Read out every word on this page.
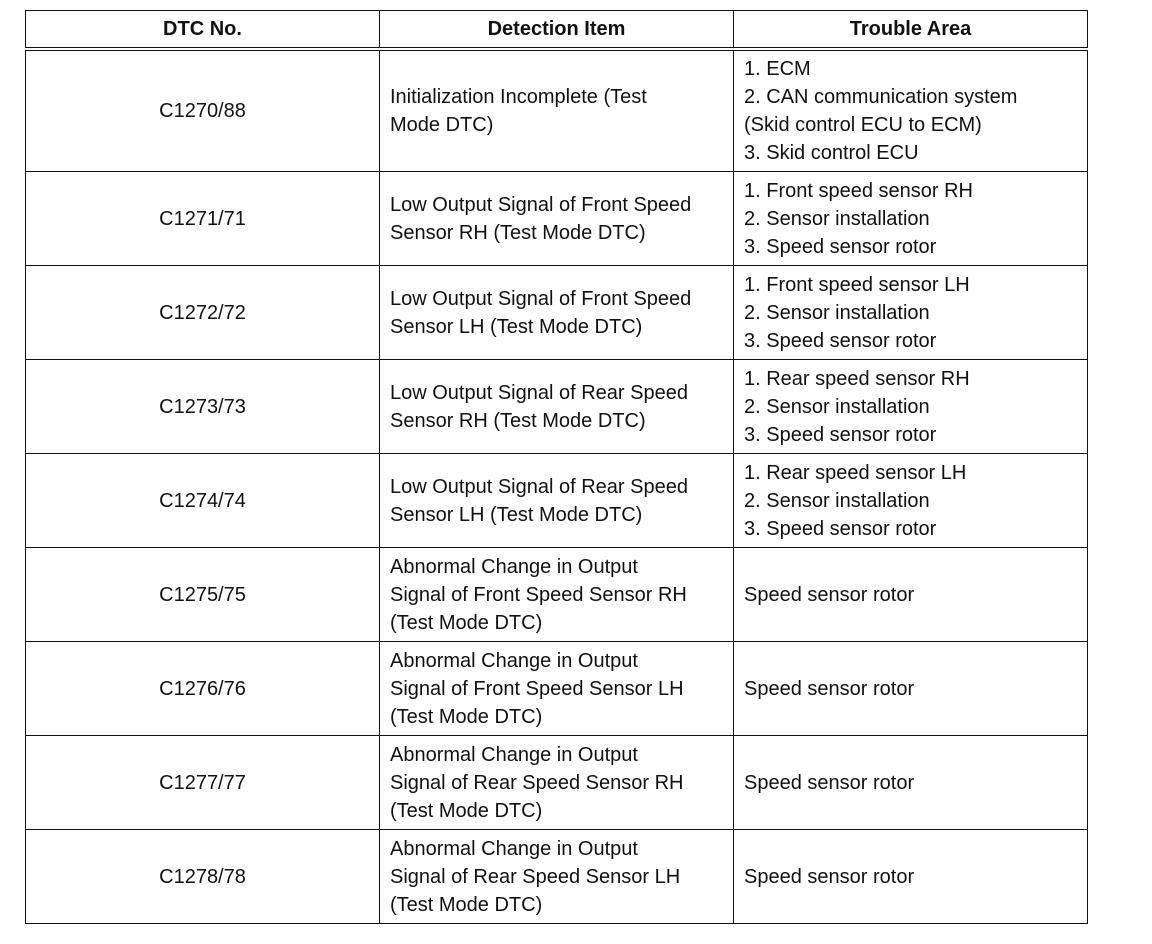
DTC No.	Detection Item	Trouble Area
C1270/88	Initialization Incomplete (Test
Mode DTC)	1. ECM
2. CAN communication system
(Skid control ECU to ECM)
3. Skid control ECU

C1271/71	Low Output Signal of Front Speed
Sensor RH (Test Mode DTC)	1. Front speed sensor RH
2. Sensor installation
3. Speed sensor rotor

C1272/72	Low Output Signal of Front Speed
Sensor LH (Test Mode DTC)	1. Front speed sensor LH
2. Sensor installation
3. Speed sensor rotor

C1273/73	Low Output Signal of Rear Speed
Sensor RH (Test Mode DTC)	1. Rear speed sensor RH
2. Sensor installation
3. Speed sensor rotor

C1274/74	Low Output Signal of Rear Speed
Sensor LH (Test Mode DTC)	1. Rear speed sensor LH
2. Sensor installation
3. Speed sensor rotor

C1275/75	Abnormal Change in Output
Signal of Front Speed Sensor RH
(Test Mode DTC)	Speed sensor rotor

C1276/76	Abnormal Change in Output
Signal of Front Speed Sensor LH
(Test Mode DTC)	Speed sensor rotor

C1277/77	Abnormal Change in Output
Signal of Rear Speed Sensor RH
(Test Mode DTC)	Speed sensor rotor

C1278/78	Abnormal Change in Output
Signal of Rear Speed Sensor LH
(Test Mode DTC)	Speed sensor rotor
